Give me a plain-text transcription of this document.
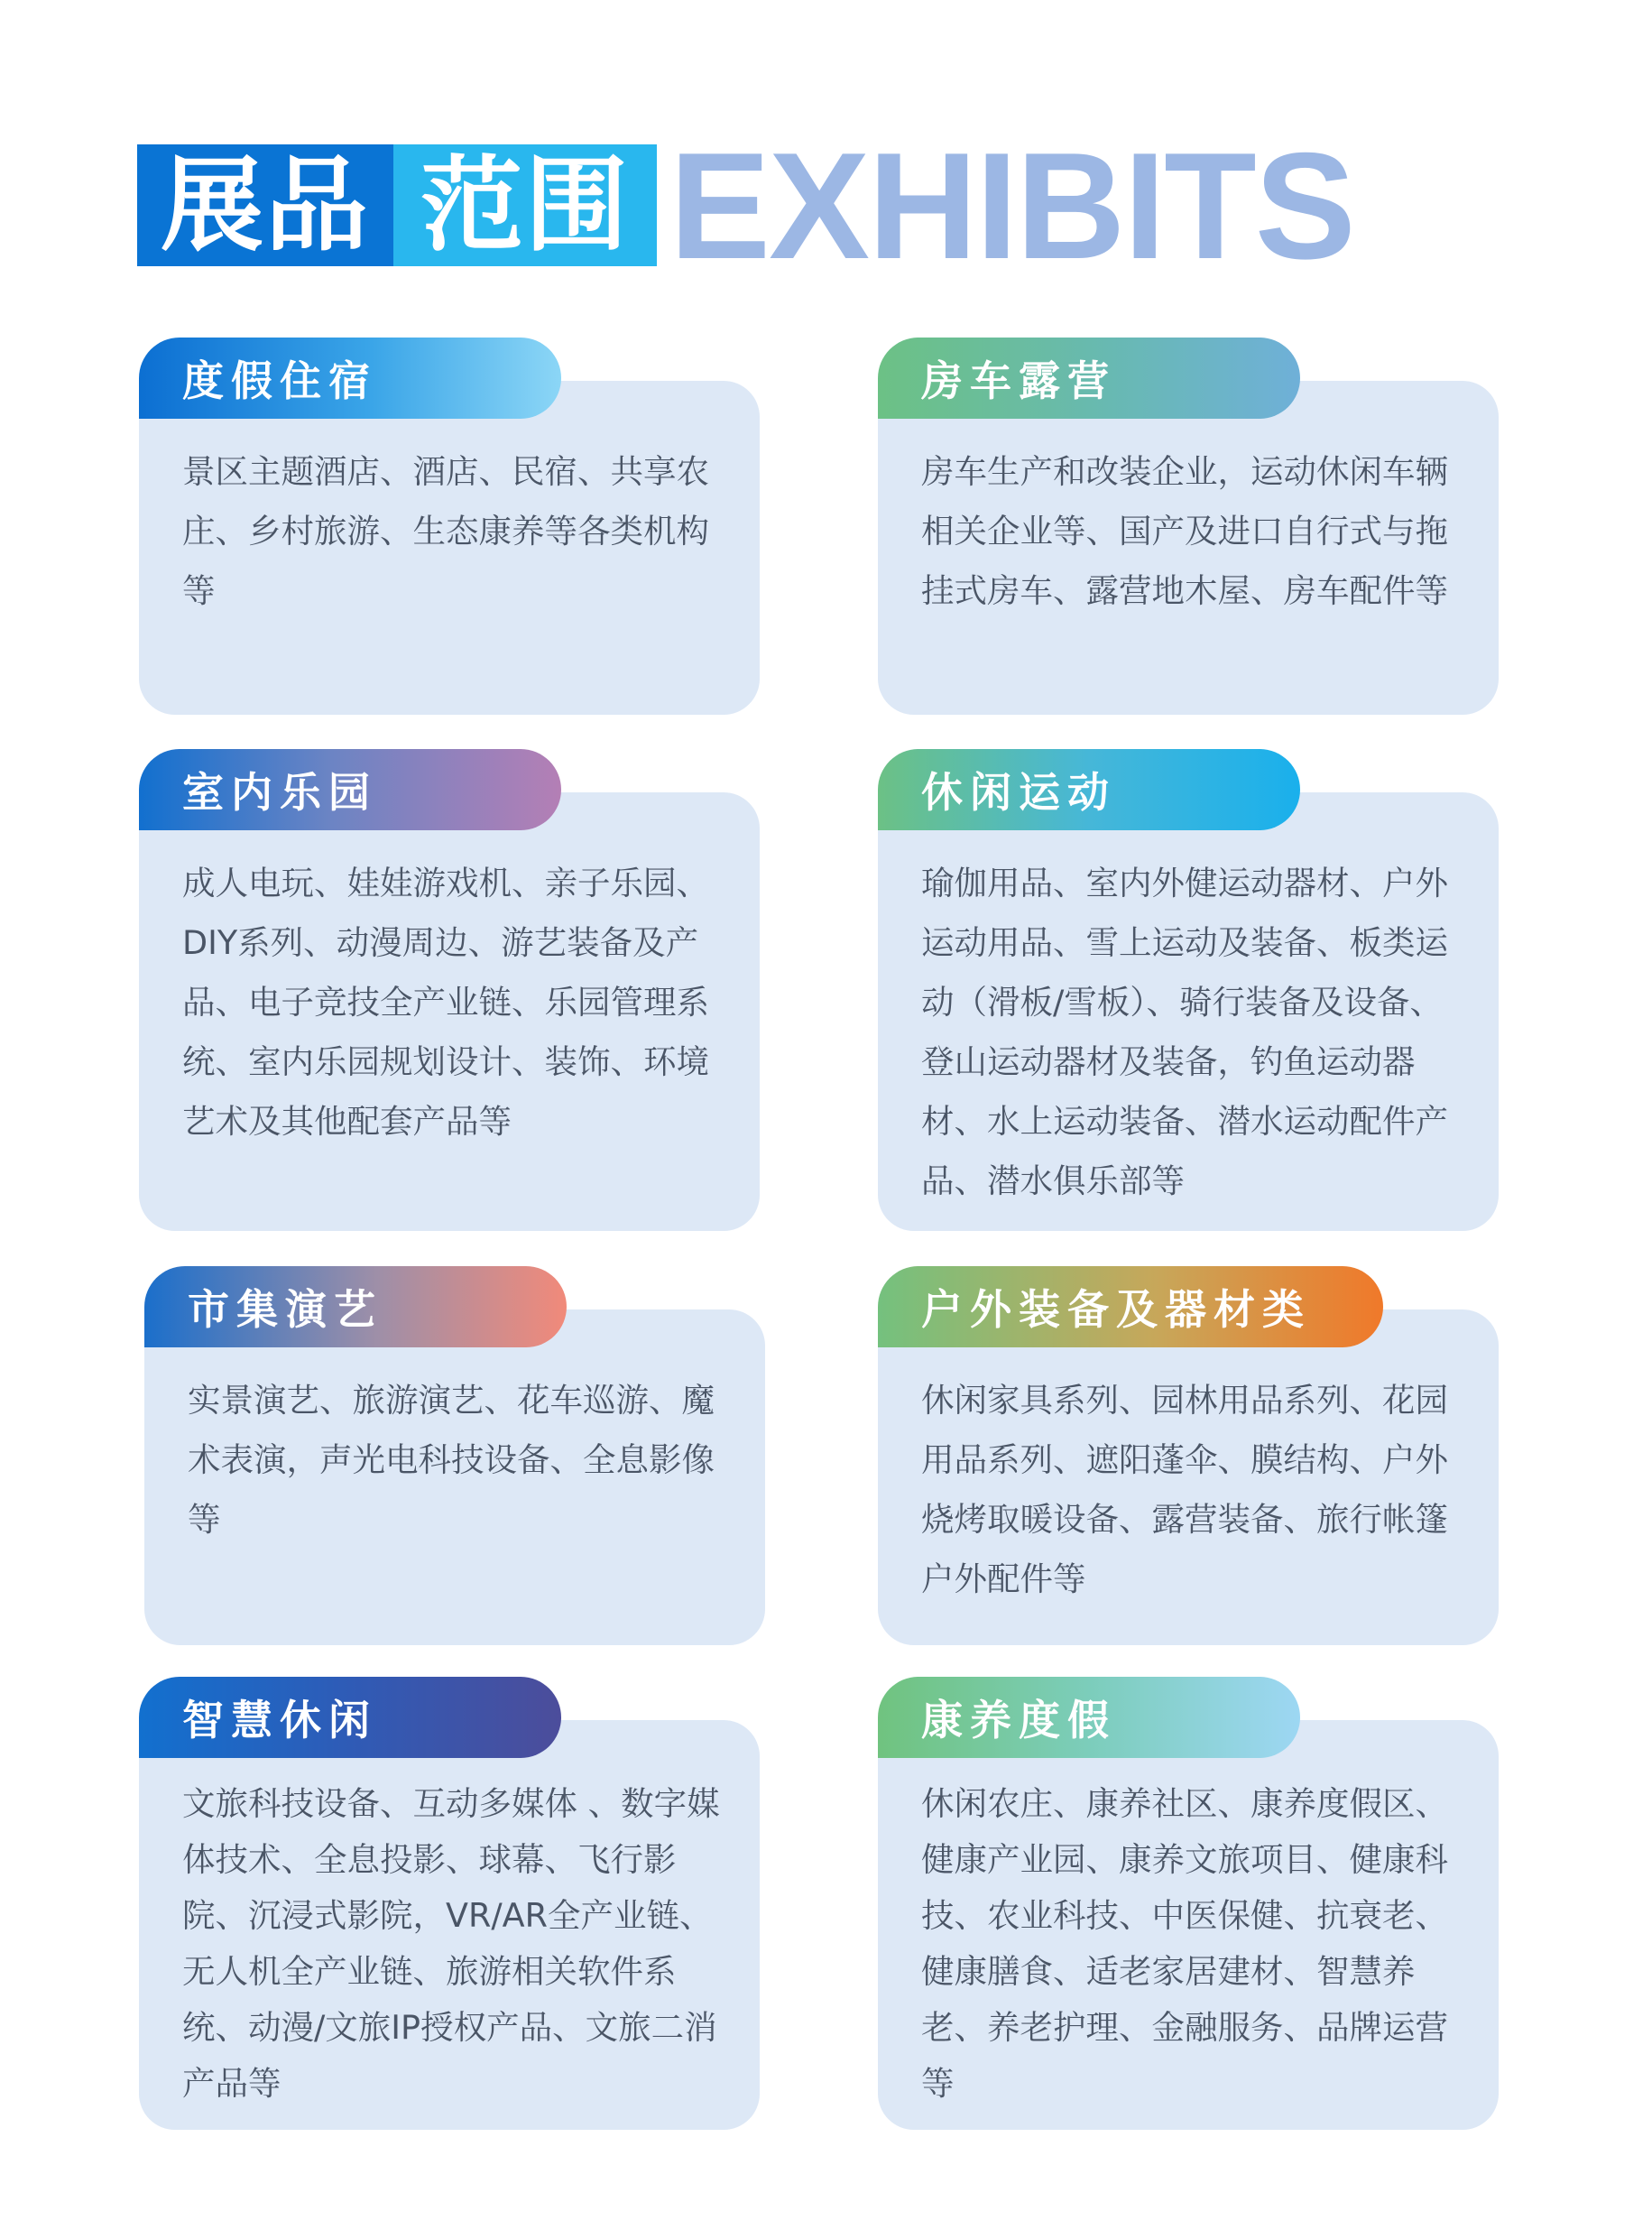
展品 范围 EXHIBITS
度假住宿
景区主题酒店、酒店、民宿、共享农庄、乡村旅游、生态康养等各类机构等
房车露营
房车生产和改装企业，运动休闲车辆相关企业等、国产及进口自行式与拖挂式房车、露营地木屋、房车配件等
室内乐园
成人电玩、娃娃游戏机、亲子乐园、DIY系列、动漫周边、游艺装备及产品、电子竞技全产业链、乐园管理系统、室内乐园规划设计、装饰、环境艺术及其他配套产品等
休闲运动
瑜伽用品、室内外健运动器材、户外运动用品、雪上运动及装备、板类运动（滑板/雪板）、骑行装备及设备、登山运动器材及装备，钓鱼运动器材、水上运动装备、潜水运动配件产品、潜水俱乐部等
市集演艺
实景演艺、旅游演艺、花车巡游、魔术表演，声光电科技设备、全息影像等
户外装备及器材类
休闲家具系列、园林用品系列、花园用品系列、遮阳蓬伞、膜结构、户外烧烤取暖设备、露营装备、旅行帐篷户外配件等
智慧休闲
文旅科技设备、互动多媒体 、数字媒体技术、全息投影、球幕、飞行影院、沉浸式影院，VR/AR全产业链、无人机全产业链、旅游相关软件系统、动漫/文旅IP授权产品、文旅二消产品等
康养度假
休闲农庄、康养社区、康养度假区、健康产业园、康养文旅项目、健康科技、农业科技、中医保健、抗衰老、健康膳食、适老家居建材、智慧养老、养老护理、金融服务、品牌运营等
